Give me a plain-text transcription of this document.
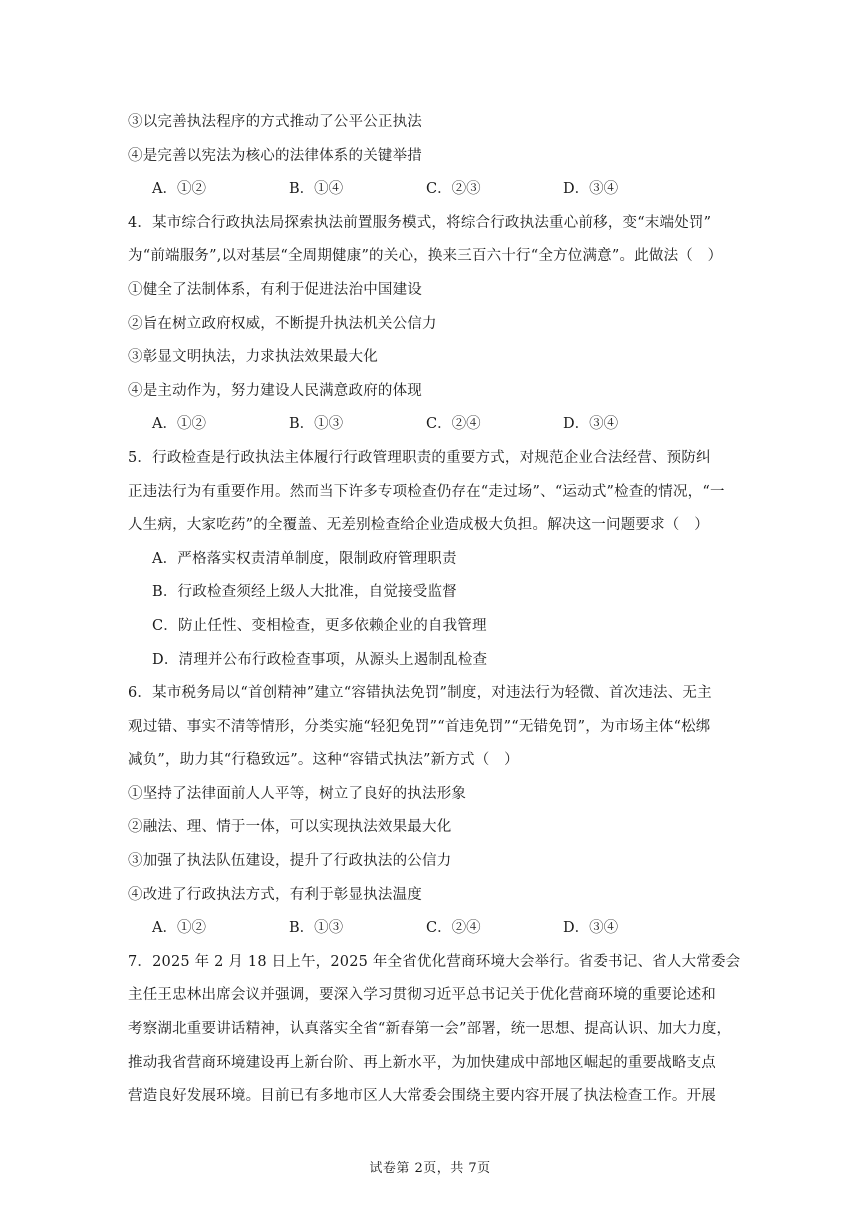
③以完善执法程序的方式推动了公平公正执法
④是完善以宪法为核心的法律体系的关键举措
A．①②	B．①④	C．②③	D．③④
4．某市综合行政执法局探索执法前置服务模式，将综合行政执法重心前移，变“末端处罚”
为“前端服务”,以对基层“全周期健康”的关心，换来三百六十行“全方位满意”。此做法（　）
①健全了法制体系，有利于促进法治中国建设
②旨在树立政府权威，不断提升执法机关公信力
③彰显文明执法，力求执法效果最大化
④是主动作为，努力建设人民满意政府的体现
A．①②	B．①③	C．②④	D．③④
5．行政检查是行政执法主体履行行政管理职责的重要方式，对规范企业合法经营、预防纠
正违法行为有重要作用。然而当下许多专项检查仍存在“走过场”、“运动式”检查的情况，“一
人生病，大家吃药”的全覆盖、无差别检查给企业造成极大负担。解决这一问题要求（　）
A．严格落实权责清单制度，限制政府管理职责
B．行政检查须经上级人大批准，自觉接受监督
C．防止任性、变相检查，更多依赖企业的自我管理
D．清理并公布行政检查事项，从源头上遏制乱检查
6．某市税务局以“首创精神”建立“容错执法免罚”制度，对违法行为轻微、首次违法、无主
观过错、事实不清等情形，分类实施“轻犯免罚”“首违免罚”“无错免罚”，为市场主体“松绑
减负”，助力其“行稳致远”。这种“容错式执法”新方式（　）
①坚持了法律面前人人平等，树立了良好的执法形象
②融法、理、情于一体，可以实现执法效果最大化
③加强了执法队伍建设，提升了行政执法的公信力
④改进了行政执法方式，有利于彰显执法温度
A．①②	B．①③	C．②④	D．③④
7．2025 年 2 月 18 日上午，2025 年全省优化营商环境大会举行。省委书记、省人大常委会
主任王忠林出席会议并强调，要深入学习贯彻习近平总书记关于优化营商环境的重要论述和
考察湖北重要讲话精神，认真落实全省“新春第一会”部署，统一思想、提高认识、加大力度，
推动我省营商环境建设再上新台阶、再上新水平，为加快建成中部地区崛起的重要战略支点
营造良好发展环境。目前已有多地市区人大常委会围绕主要内容开展了执法检查工作。开展
试卷第 2页，共 7页
